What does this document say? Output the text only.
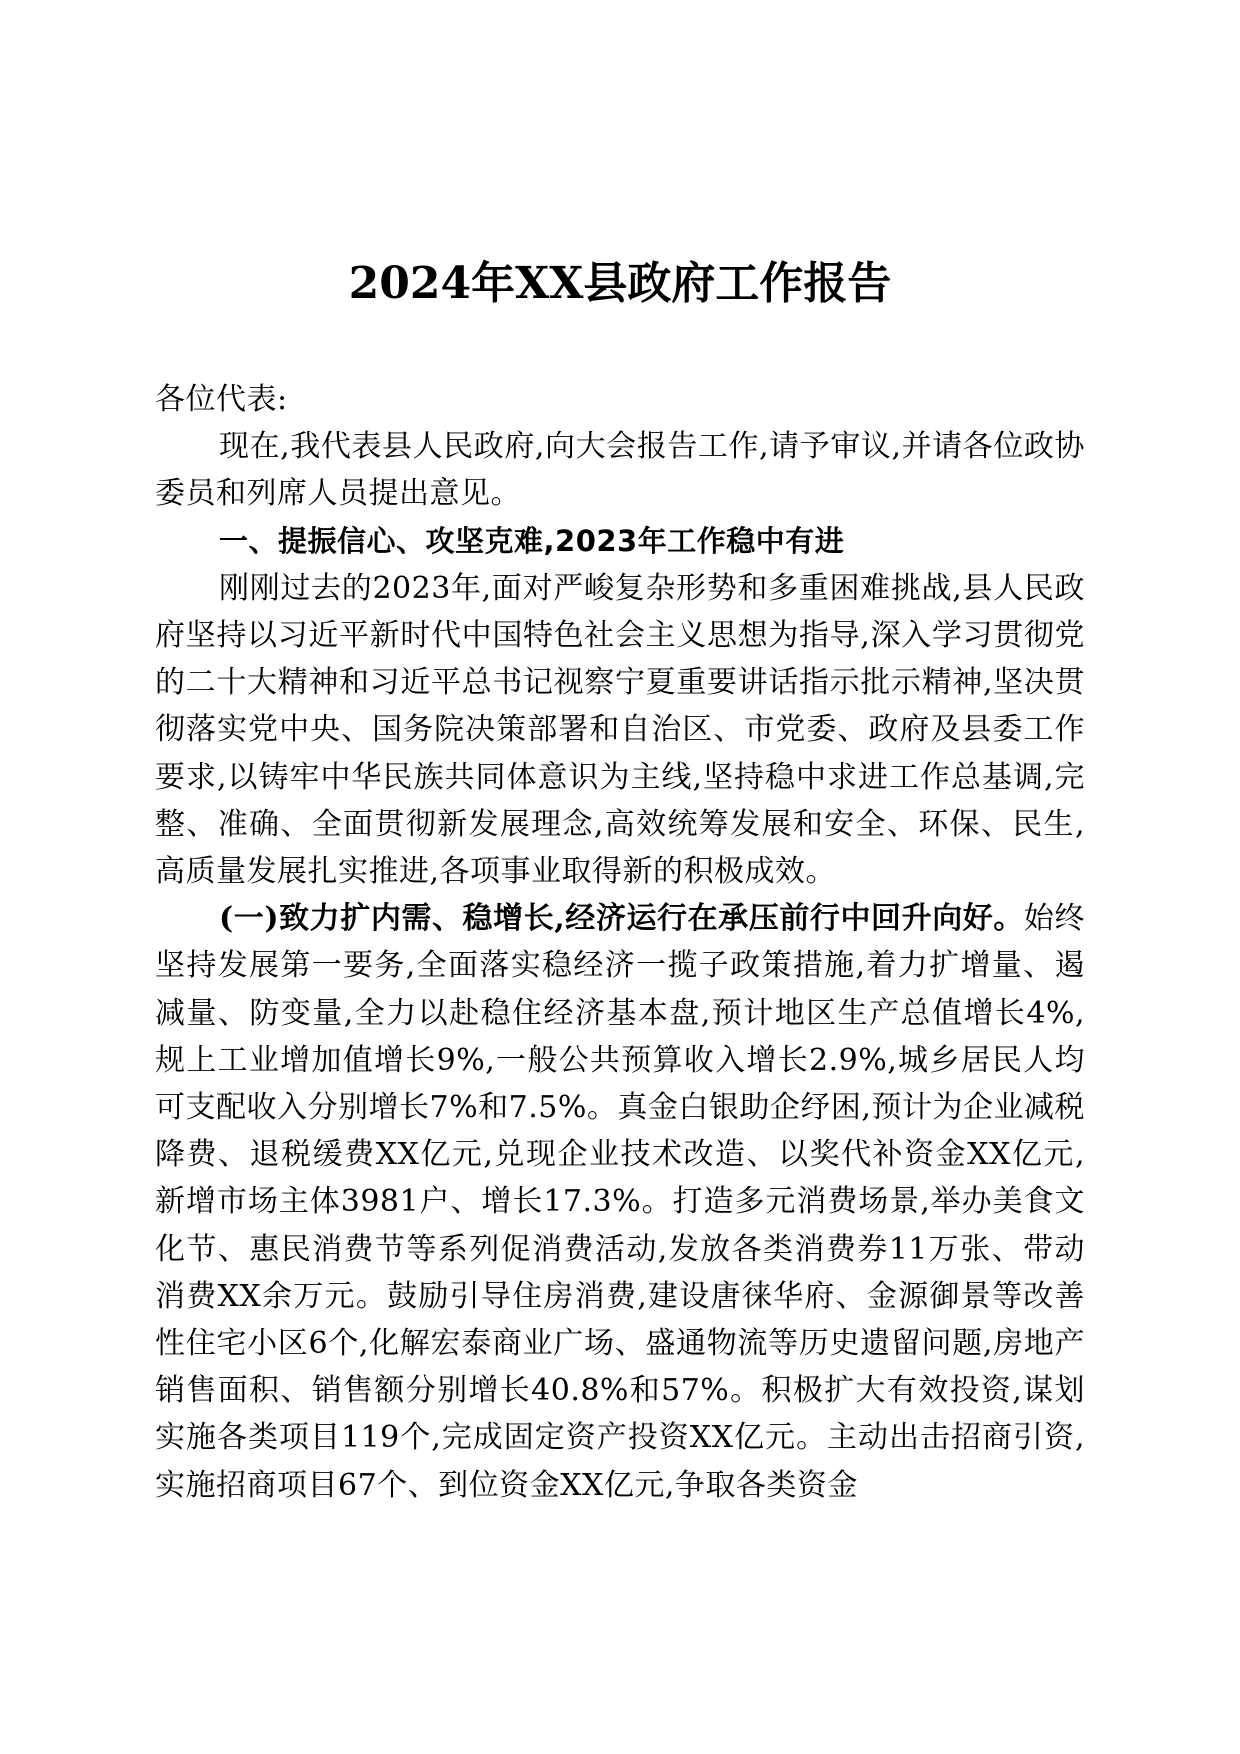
2024年XX县政府工作报告

各位代表:

现在,我代表县人民政府,向大会报告工作,请予审议,并请各位政协委员和列席人员提出意见。

一、提振信心、攻坚克难,2023年工作稳中有进

刚刚过去的2023年,面对严峻复杂形势和多重困难挑战,县人民政府坚持以习近平新时代中国特色社会主义思想为指导,深入学习贯彻党的二十大精神和习近平总书记视察宁夏重要讲话指示批示精神,坚决贯彻落实党中央、国务院决策部署和自治区、市党委、政府及县委工作要求,以铸牢中华民族共同体意识为主线,坚持稳中求进工作总基调,完整、准确、全面贯彻新发展理念,高效统筹发展和安全、环保、民生,高质量发展扎实推进,各项事业取得新的积极成效。

(一)致力扩内需、稳增长,经济运行在承压前行中回升向好。始终坚持发展第一要务,全面落实稳经济一揽子政策措施,着力扩增量、遏减量、防变量,全力以赴稳住经济基本盘,预计地区生产总值增长4%,规上工业增加值增长9%,一般公共预算收入增长2.9%,城乡居民人均可支配收入分别增长7%和7.5%。真金白银助企纾困,预计为企业减税降费、退税缓费XX亿元,兑现企业技术改造、以奖代补资金XX亿元,新增市场主体3981户、增长17.3%。打造多元消费场景,举办美食文化节、惠民消费节等系列促消费活动,发放各类消费券11万张、带动消费XX余万元。鼓励引导住房消费,建设唐徕华府、金源御景等改善性住宅小区6个,化解宏泰商业广场、盛通物流等历史遗留问题,房地产销售面积、销售额分别增长40.8%和57%。积极扩大有效投资,谋划实施各类项目119个,完成固定资产投资XX亿元。主动出击招商引资,实施招商项目67个、到位资金XX亿元,争取各类资金
